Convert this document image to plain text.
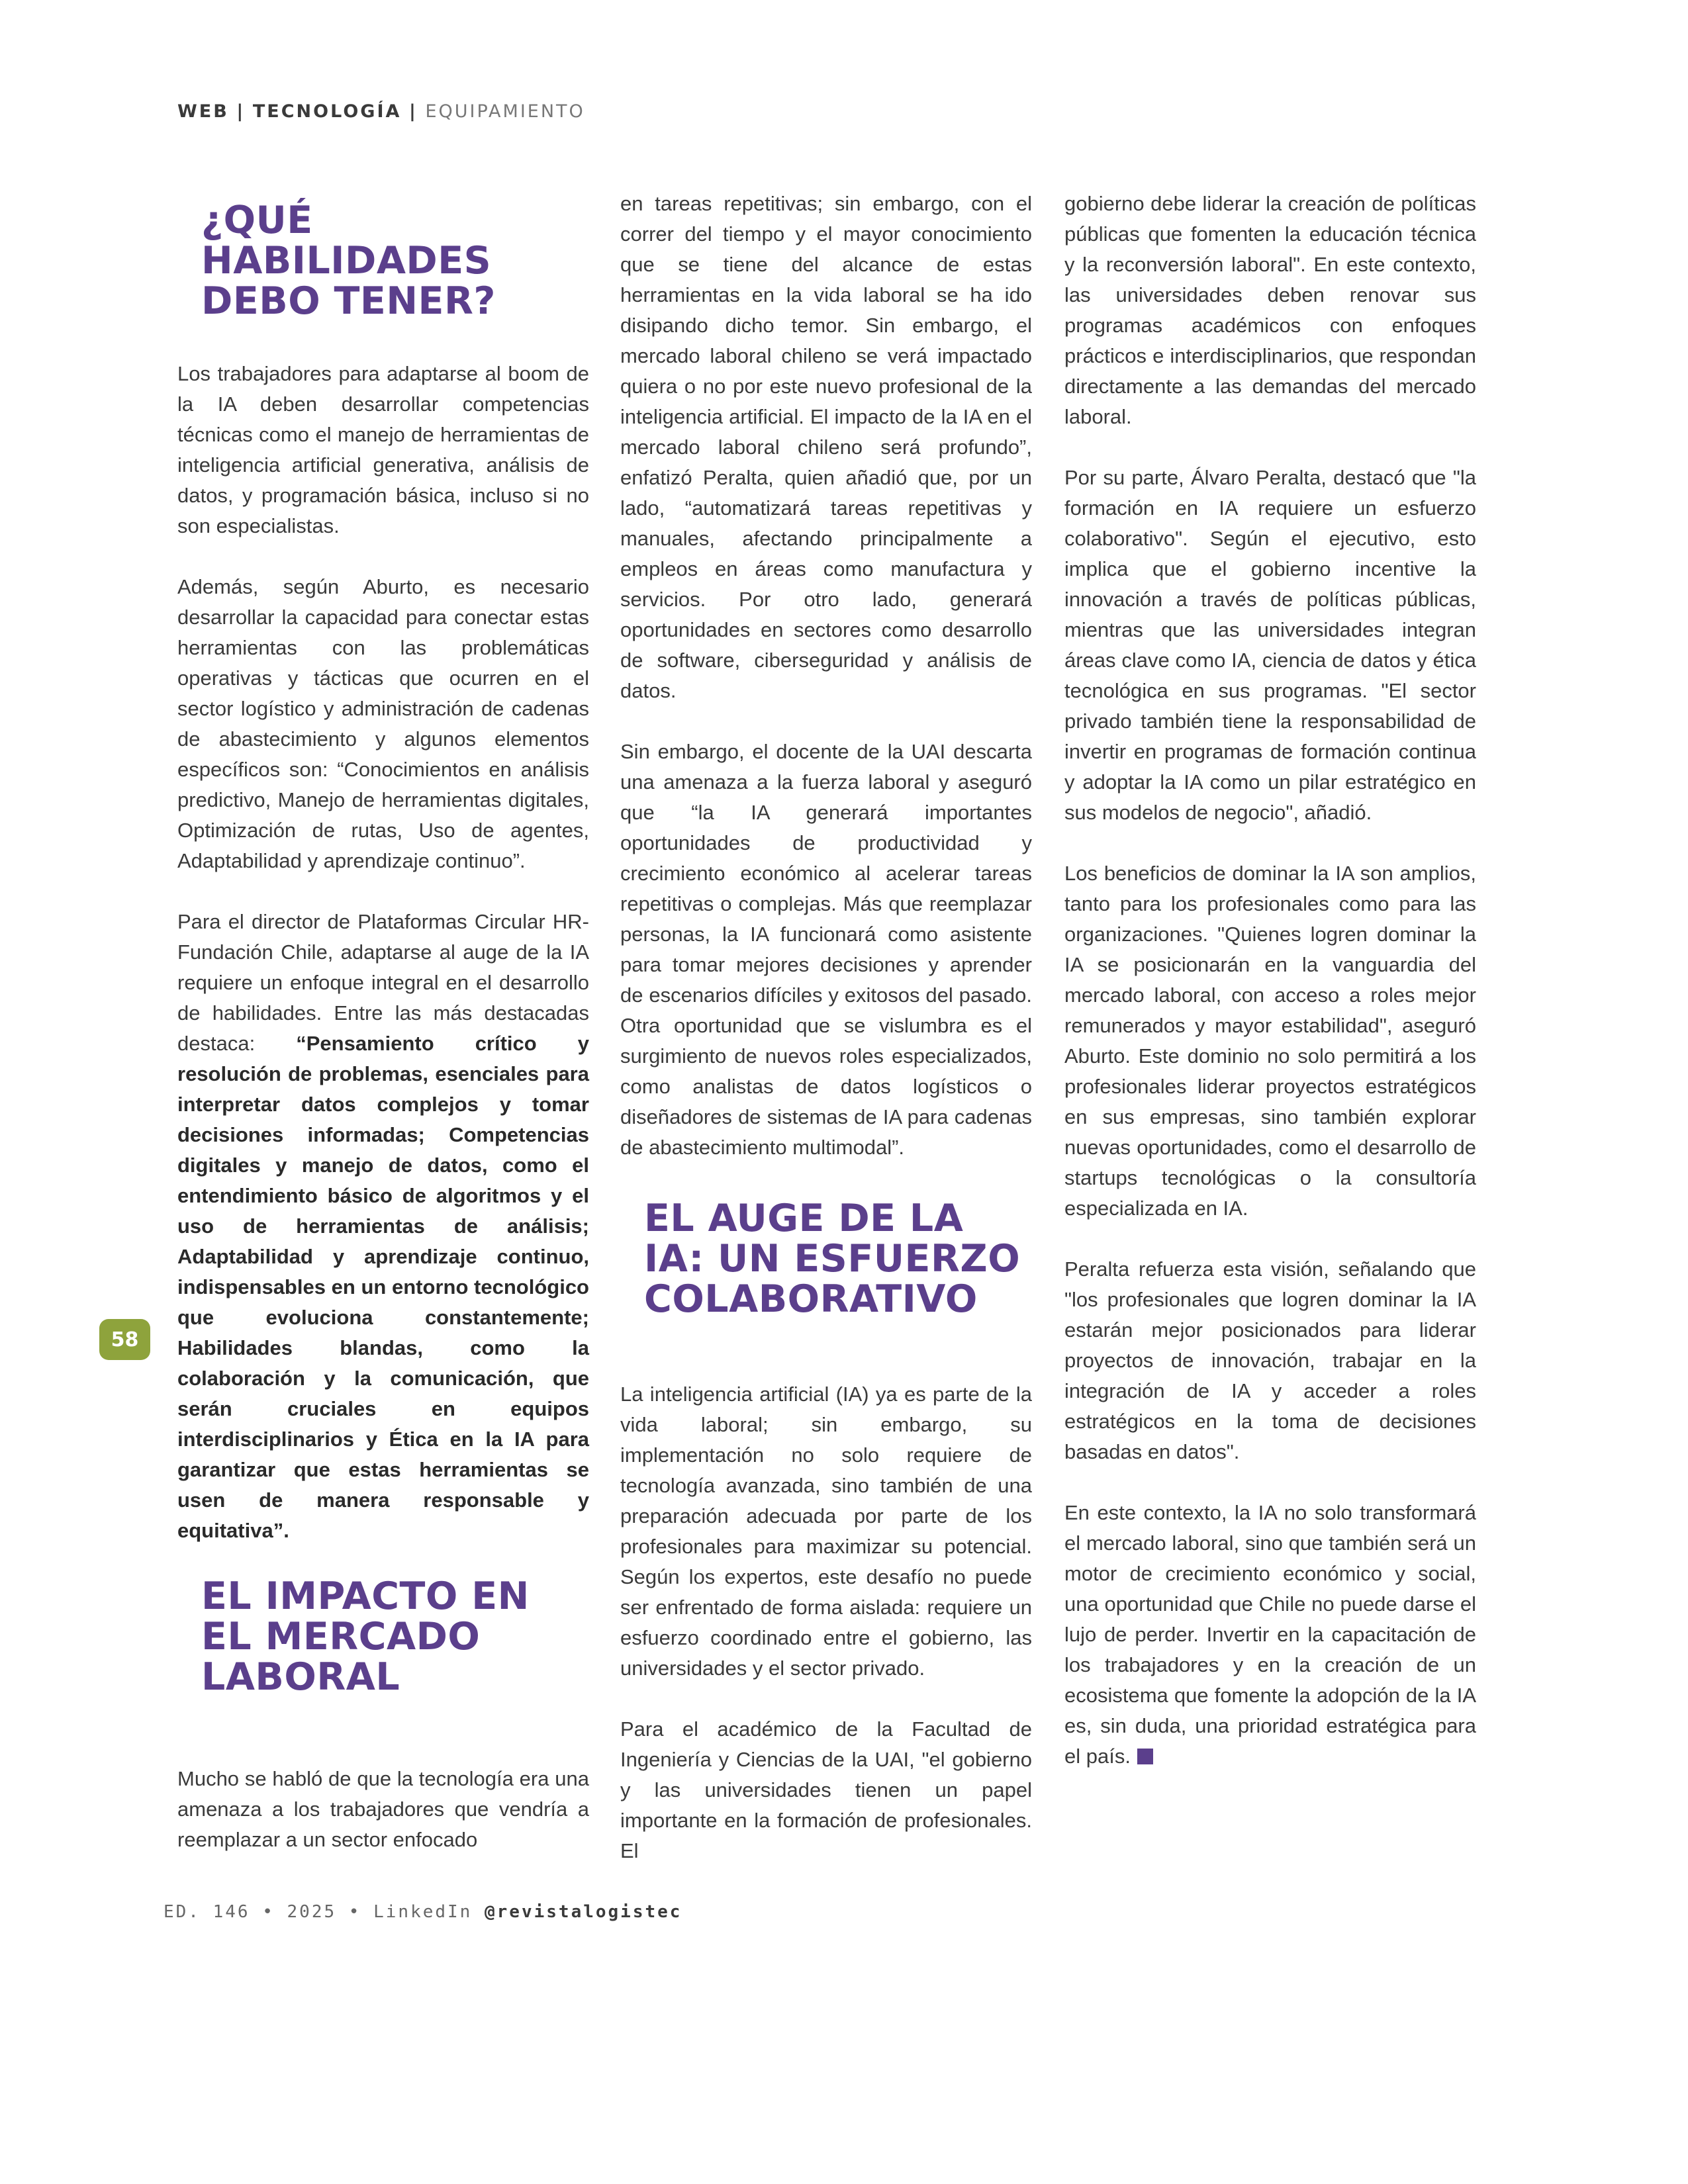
WEB | TECNOLOGÍA | EQUIPAMIENTO
¿QUÉ HABILIDADES DEBO TENER?

Los trabajadores para adaptarse al boom de la IA deben desarrollar competencias técnicas como el manejo de herramientas de inteligencia artificial generativa, análisis de datos, y programación básica, incluso si no son especialistas.

Además, según Aburto, es necesario desarrollar la capacidad para conectar estas herramientas con las problemáticas operativas y tácticas que ocurren en el sector logístico y administración de cadenas de abastecimiento y algunos elementos específicos son: “Conocimientos en análisis predictivo, Manejo de herramientas digitales, Optimización de rutas, Uso de agentes, Adaptabilidad y aprendizaje continuo”.

Para el director de Plataformas Circular HR-Fundación Chile, adaptarse al auge de la IA requiere un enfoque integral en el desarrollo de habilidades. Entre las más destacadas destaca: “Pensamiento crítico y resolución de problemas, esenciales para interpretar datos complejos y tomar decisiones informadas; Competencias digitales y manejo de datos, como el entendimiento básico de algoritmos y el uso de herramientas de análisis; Adaptabilidad y aprendizaje continuo, indispensables en un entorno tecnológico que evoluciona constantemente; Habilidades blandas, como la colaboración y la comunicación, que serán cruciales en equipos interdisciplinarios y Ética en la IA para garantizar que estas herramientas se usen de manera responsable y equitativa”.

EL IMPACTO EN EL MERCADO LABORAL

Mucho se habló de que la tecnología era una amenaza a los trabajadores que vendría a reemplazar a un sector enfocado

en tareas repetitivas; sin embargo, con el correr del tiempo y el mayor conocimiento que se tiene del alcance de estas herramientas en la vida laboral se ha ido disipando dicho temor. Sin embargo, el mercado laboral chileno se verá impactado quiera o no por este nuevo profesional de la inteligencia artificial. El impacto de la IA en el mercado laboral chileno será profundo”, enfatizó Peralta, quien añadió que, por un lado, “automatizará tareas repetitivas y manuales, afectando principalmente a empleos en áreas como manufactura y servicios. Por otro lado, generará oportunidades en sectores como desarrollo de software, ciberseguridad y análisis de datos.

Sin embargo, el docente de la UAI descarta una amenaza a la fuerza laboral y aseguró que “la IA generará importantes oportunidades de productividad y crecimiento económico al acelerar tareas repetitivas o complejas. Más que reemplazar personas, la IA funcionará como asistente para tomar mejores decisiones y aprender de escenarios difíciles y exitosos del pasado. Otra oportunidad que se vislumbra es el surgimiento de nuevos roles especializados, como analistas de datos logísticos o diseñadores de sistemas de IA para cadenas de abastecimiento multimodal”.

EL AUGE DE LA IA: UN ESFUERZO COLABORATIVO

La inteligencia artificial (IA) ya es parte de la vida laboral; sin embargo, su implementación no solo requiere de tecnología avanzada, sino también de una preparación adecuada por parte de los profesionales para maximizar su potencial. Según los expertos, este desafío no puede ser enfrentado de forma aislada: requiere un esfuerzo coordinado entre el gobierno, las universidades y el sector privado.

Para el académico de la Facultad de Ingeniería y Ciencias de la UAI, "el gobierno y las universidades tienen un papel importante en la formación de profesionales. El

gobierno debe liderar la creación de políticas públicas que fomenten la educación técnica y la reconversión laboral". En este contexto, las universidades deben renovar sus programas académicos con enfoques prácticos e interdisciplinarios, que respondan directamente a las demandas del mercado laboral.

Por su parte, Álvaro Peralta, destacó que "la formación en IA requiere un esfuerzo colaborativo". Según el ejecutivo, esto implica que el gobierno incentive la innovación a través de políticas públicas, mientras que las universidades integran áreas clave como IA, ciencia de datos y ética tecnológica en sus programas. "El sector privado también tiene la responsabilidad de invertir en programas de formación continua y adoptar la IA como un pilar estratégico en sus modelos de negocio", añadió.

Los beneficios de dominar la IA son amplios, tanto para los profesionales como para las organizaciones. "Quienes logren dominar la IA se posicionarán en la vanguardia del mercado laboral, con acceso a roles mejor remunerados y mayor estabilidad", aseguró Aburto. Este dominio no solo permitirá a los profesionales liderar proyectos estratégicos en sus empresas, sino también explorar nuevas oportunidades, como el desarrollo de startups tecnológicas o la consultoría especializada en IA.

Peralta refuerza esta visión, señalando que "los profesionales que logren dominar la IA estarán mejor posicionados para liderar proyectos de innovación, trabajar en la integración de IA y acceder a roles estratégicos en la toma de decisiones basadas en datos".

En este contexto, la IA no solo transformará el mercado laboral, sino que también será un motor de crecimiento económico y social, una oportunidad que Chile no puede darse el lujo de perder. Invertir en la capacitación de los trabajadores y en la creación de un ecosistema que fomente la adopción de la IA es, sin duda, una prioridad estratégica para el país.

58
ED. 146 • 2025 • LinkedIn @revistalogistec
